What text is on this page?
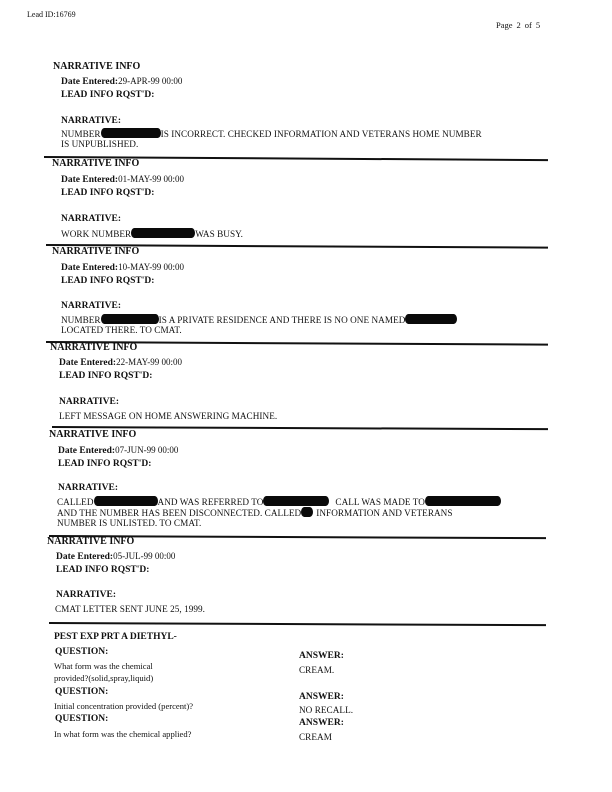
Lead ID:16769
Page 2 of 5
NARRATIVE INFO
Date Entered:29-APR-99 00:00
LEAD INFO RQST'D:
NARRATIVE:
NUMBER	IS INCORRECT. CHECKED INFORMATION AND VETERANS HOME NUMBER
IS UNPUBLISHED.
NARRATIVE INFO
Date Entered:01-MAY-99 00:00
LEAD INFO RQST'D:
NARRATIVE:
WORK NUMBER	WAS BUSY.
NARRATIVE INFO
Date Entered:10-MAY-99 00:00
LEAD INFO RQST'D:
NARRATIVE:
NUMBER	IS A PRIVATE RESIDENCE AND THERE IS NO ONE NAMED
LOCATED THERE. TO CMAT.
NARRATIVE INFO
Date Entered:22-MAY-99 00:00
LEAD INFO RQST'D:
NARRATIVE:
LEFT MESSAGE ON HOME ANSWERING MACHINE.
NARRATIVE INFO
Date Entered:07-JUN-99 00:00
LEAD INFO RQST'D:
NARRATIVE:
CALLED	AND WAS REFERRED TO	CALL WAS MADE TO
AND THE NUMBER HAS BEEN DISCONNECTED. CALLED INFORMATION AND VETERANS
NUMBER IS UNLISTED. TO CMAT.
NARRATIVE INFO
Date Entered:05-JUL-99 00:00
LEAD INFO RQST'D:
NARRATIVE:
CMAT LETTER SENT JUNE 25, 1999.
PEST EXP PRT A DIETHYL-
QUESTION:
What form was the chemical
provided?(solid,spray,liquid)
ANSWER:
CREAM.
QUESTION:
Initial concentration provided (percent)?
ANSWER:
NO RECALL.
QUESTION:
In what form was the chemical applied?
ANSWER:
CREAM
